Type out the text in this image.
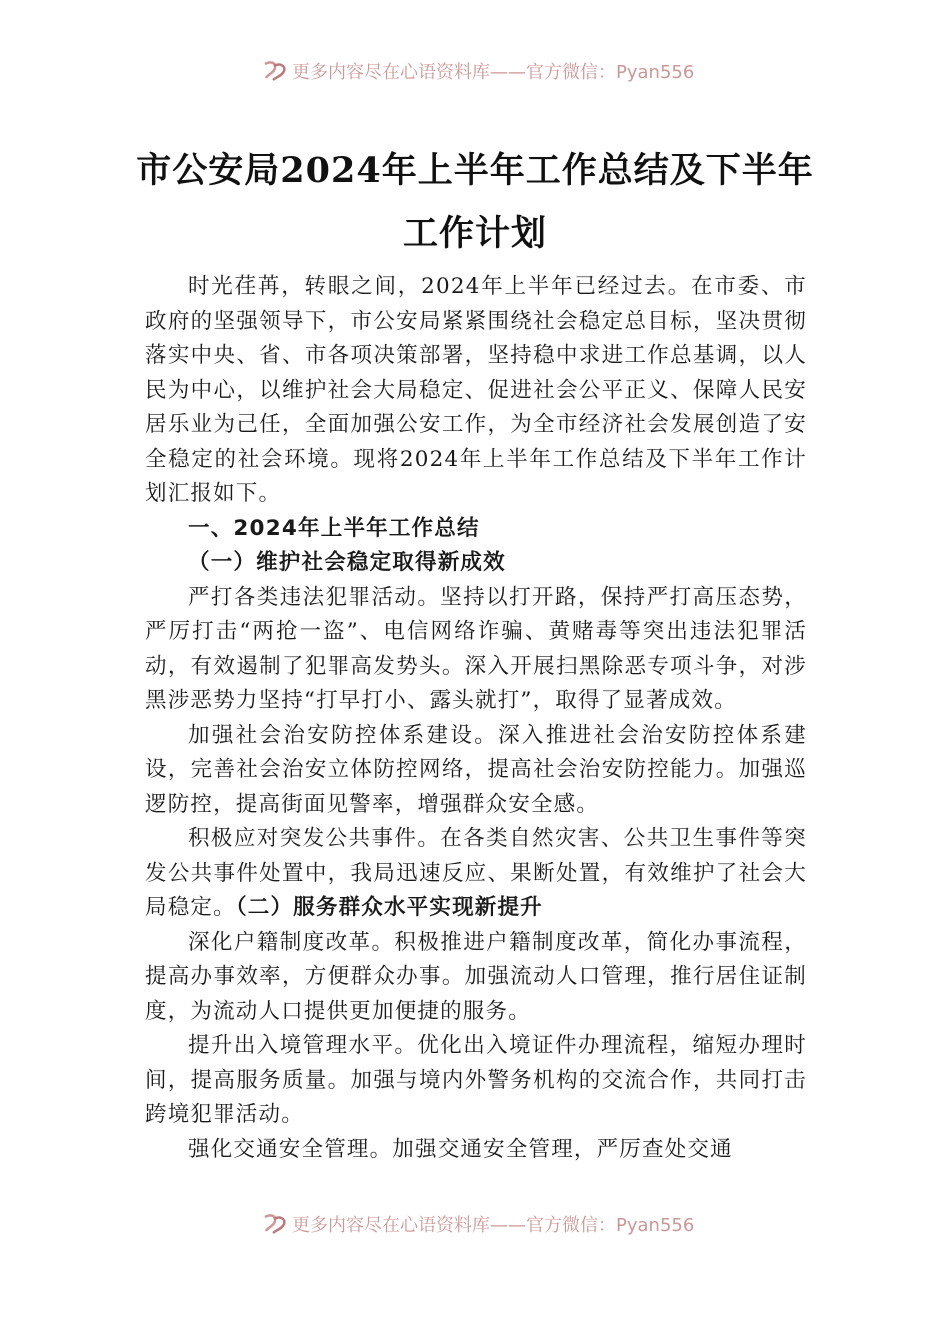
更多内容尽在心语资料库——官方微信：Pyan556
市公安局2024年上半年工作总结及下半年
工作计划

时光荏苒，转眼之间，2024年上半年已经过去。在市委、市政府的坚强领导下，市公安局紧紧围绕社会稳定总目标，坚决贯彻落实中央、省、市各项决策部署，坚持稳中求进工作总基调，以人民为中心，以维护社会大局稳定、促进社会公平正义、保障人民安居乐业为己任，全面加强公安工作，为全市经济社会发展创造了安全稳定的社会环境。现将2024年上半年工作总结及下半年工作计划汇报如下。

一、2024年上半年工作总结

（一）维护社会稳定取得新成效

严打各类违法犯罪活动。坚持以打开路，保持严打高压态势，严厉打击“两抢一盗”、电信网络诈骗、黄赌毒等突出违法犯罪活动，有效遏制了犯罪高发势头。深入开展扫黑除恶专项斗争，对涉黑涉恶势力坚持“打早打小、露头就打”，取得了显著成效。

加强社会治安防控体系建设。深入推进社会治安防控体系建设，完善社会治安立体防控网络，提高社会治安防控能力。加强巡逻防控，提高街面见警率，增强群众安全感。

积极应对突发公共事件。在各类自然灾害、公共卫生事件等突发公共事件处置中，我局迅速反应、果断处置，有效维护了社会大局稳定。（二）服务群众水平实现新提升

深化户籍制度改革。积极推进户籍制度改革，简化办事流程，提高办事效率，方便群众办事。加强流动人口管理，推行居住证制度，为流动人口提供更加便捷的服务。

提升出入境管理水平。优化出入境证件办理流程，缩短办理时间，提高服务质量。加强与境内外警务机构的交流合作，共同打击跨境犯罪活动。

强化交通安全管理。加强交通安全管理，严厉查处交通

更多内容尽在心语资料库——官方微信：Pyan556
